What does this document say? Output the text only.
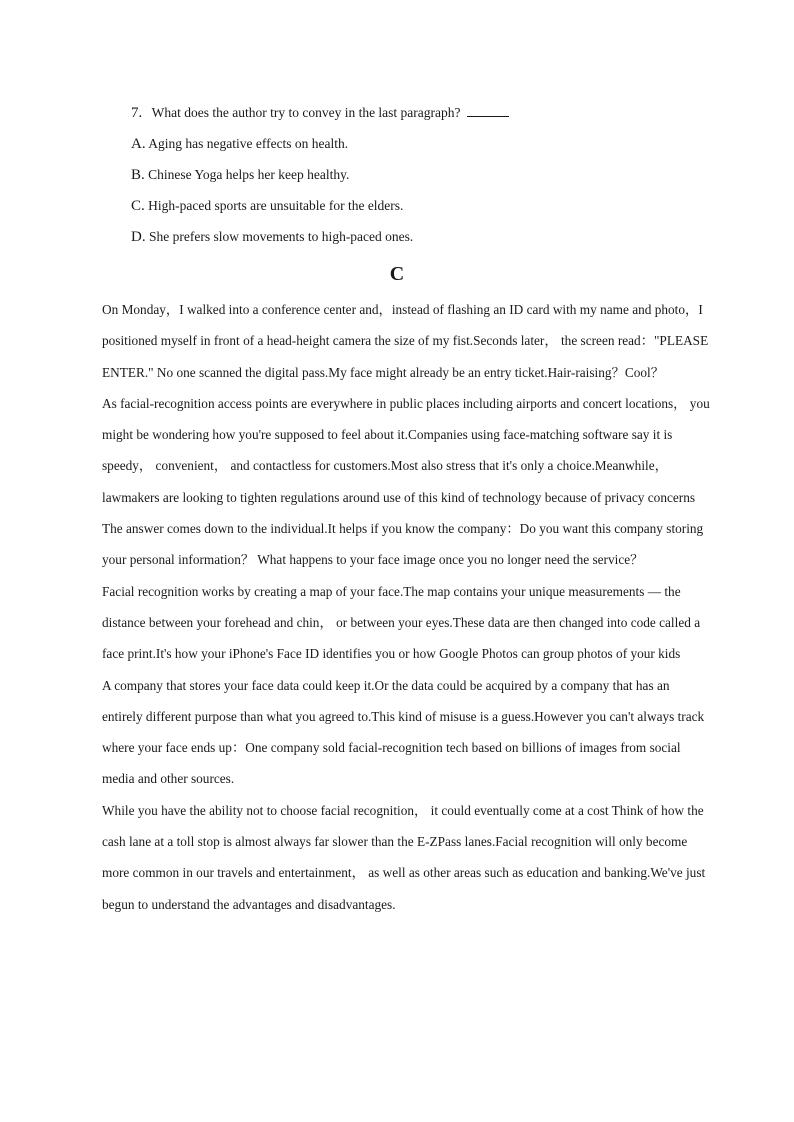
7. What does the author try to convey in the last paragraph?
A. Aging has negative effects on health.
B. Chinese Yoga helps her keep healthy.
C. High-paced sports are unsuitable for the elders.
D. She prefers slow movements to high-paced ones.
C

On Monday，I walked into a conference center and，instead of flashing an ID card with my name and photo，I positioned myself in front of a head-height camera the size of my fist.Seconds later， the screen read："PLEASE ENTER." No one scanned the digital pass.My face might already be an entry ticket.Hair-raising？Cool？

As facial-recognition access points are everywhere in public places including airports and concert locations， you might be wondering how you're supposed to feel about it.Companies using face-matching software say it is speedy， convenient， and contactless for customers.Most also stress that it's only a choice.Meanwhile， lawmakers are looking to tighten regulations around use of this kind of technology because of privacy concerns

The answer comes down to the individual.It helps if you know the company：Do you want this company storing your personal information？ What happens to your face image once you no longer need the service？

Facial recognition works by creating a map of your face.The map contains your unique measurements — the distance between your forehead and chin， or between your eyes.These data are then changed into code called a face print.It's how your iPhone's Face ID identifies you or how Google Photos can group photos of your kids

A company that stores your face data could keep it.Or the data could be acquired by a company that has an entirely different purpose than what you agreed to.This kind of misuse is a guess.However you can't always track where your face ends up：One company sold facial-recognition tech based on billions of images from social media and other sources.

While you have the ability not to choose facial recognition， it could eventually come at a cost Think of how the cash lane at a toll stop is almost always far slower than the E-ZPass lanes.Facial recognition will only become more common in our travels and entertainment， as well as other areas such as education and banking.We've just begun to understand the advantages and disadvantages.
